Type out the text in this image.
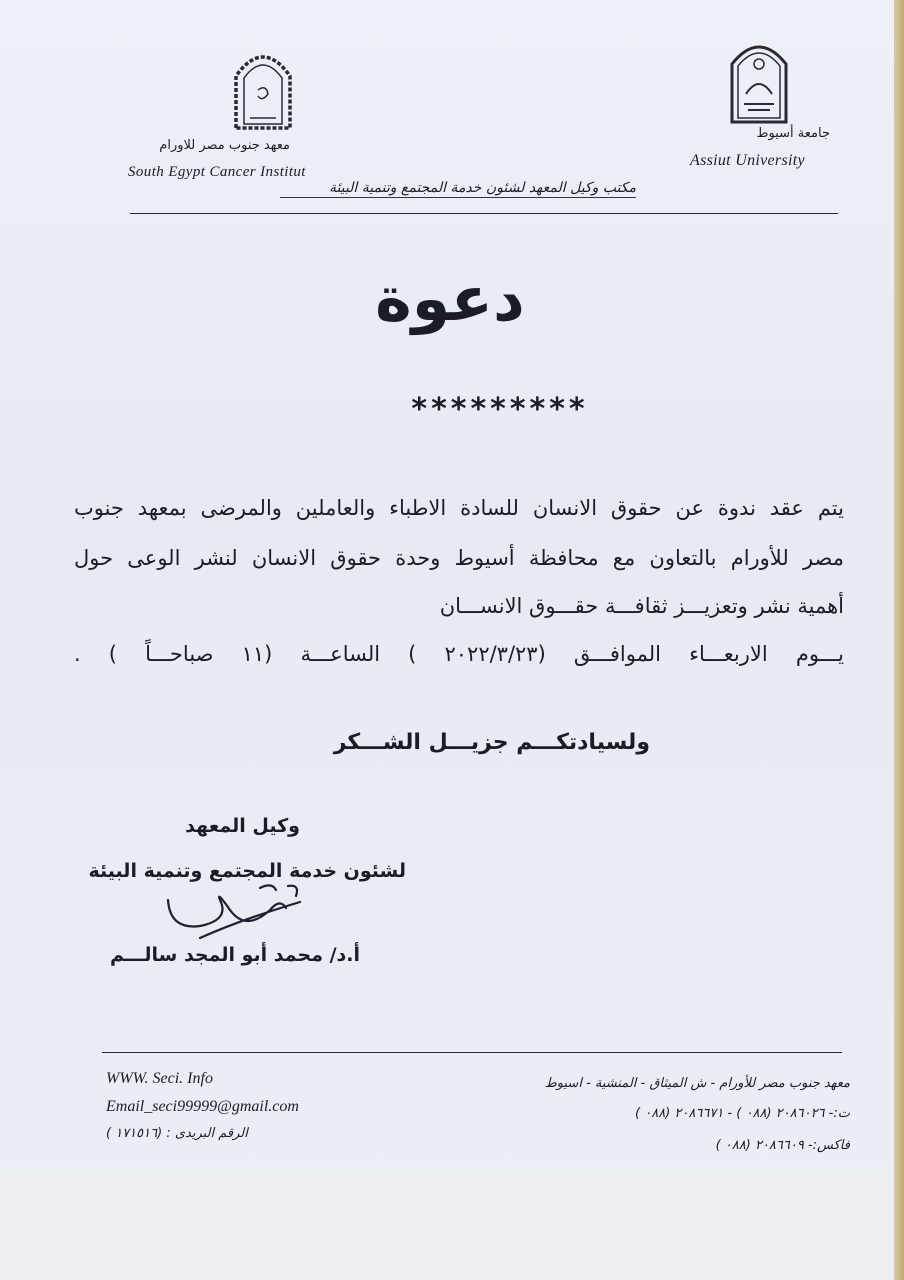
جامعة أسيوط
Assiut University
معهد جنوب مصر للاورام
South Egypt Cancer Institut
مكتب وكيل المعهد لشئون خدمة المجتمع وتنمية البيئة
دعوة
*********
يتم عقد ندوة عن حقوق الانسان للسادة الاطباء والعاملين والمرضى بمعهد جنوب
مصر للأورام بالتعاون مع محافظة أسيوط وحدة حقوق الانسان لنشر الوعى حول
أهمية نشر وتعزيـــز ثقافـــة حقـــوق الانســـان
يـــوم الاربعـــاء الموافـــق (٢٠٢٢/٣/٢٣ ) الساعـــة (١١ صباحـــاً ) .
ولسيادتكـــم جزيـــل الشـــكر
وكيل المعهد
لشئون خدمة المجتمع وتنمية البيئة
أ.د/ محمد أبو المجد سالـــم
WWW. Seci. Info
Email_seci99999@gmail.com
الرقم البريدى : (١٧١٥١٦ )
معهد جنوب مصر للأورام - ش الميثاق - المنشية - اسيوط
ت:- ٢٠٨٦٠٢٦ (٠٨٨ ) - ٢٠٨٦٦٧١ (٠٨٨ )
فاكس:- ٢٠٨٦٦٠٩ (٠٨٨ )
